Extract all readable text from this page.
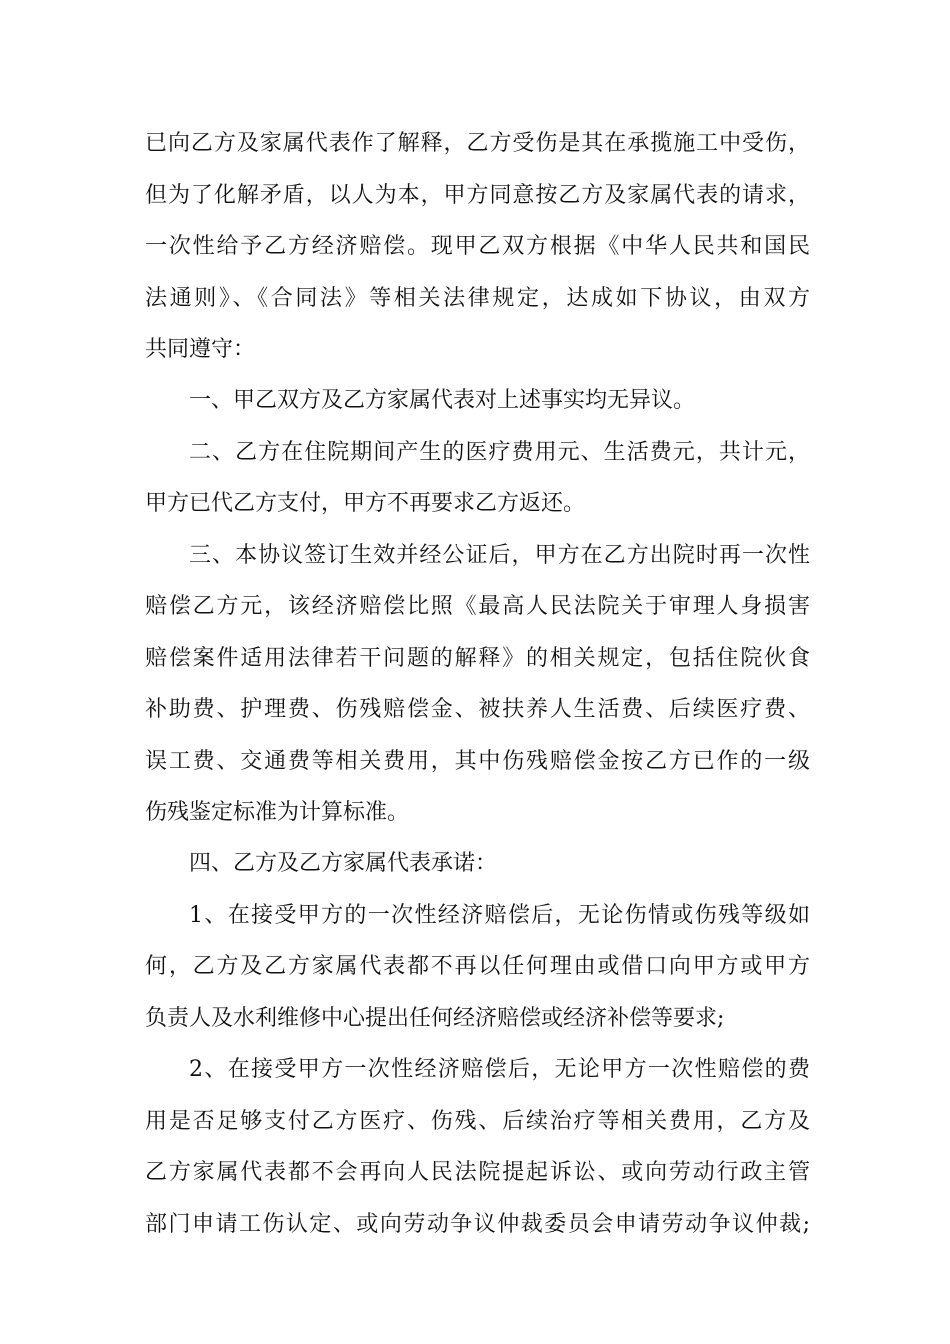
已向乙方及家属代表作了解释，乙方受伤是其在承揽施工中受伤，
但为了化解矛盾，以人为本，甲方同意按乙方及家属代表的请求，
一次性给予乙方经济赔偿。现甲乙双方根据《中华人民共和国民
法通则》、《合同法》等相关法律规定，达成如下协议，由双方
共同遵守：
一、甲乙双方及乙方家属代表对上述事实均无异议。
二、乙方在住院期间产生的医疗费用元、生活费元，共计元，
甲方已代乙方支付，甲方不再要求乙方返还。
三、本协议签订生效并经公证后，甲方在乙方出院时再一次性
赔偿乙方元，该经济赔偿比照《最高人民法院关于审理人身损害
赔偿案件适用法律若干问题的解释》的相关规定，包括住院伙食
补助费、护理费、伤残赔偿金、被扶养人生活费、后续医疗费、
误工费、交通费等相关费用，其中伤残赔偿金按乙方已作的一级
伤残鉴定标准为计算标准。
四、乙方及乙方家属代表承诺：
1、在接受甲方的一次性经济赔偿后，无论伤情或伤残等级如
何，乙方及乙方家属代表都不再以任何理由或借口向甲方或甲方
负责人及水利维修中心提出任何经济赔偿或经济补偿等要求;
2、在接受甲方一次性经济赔偿后，无论甲方一次性赔偿的费
用是否足够支付乙方医疗、伤残、后续治疗等相关费用，乙方及
乙方家属代表都不会再向人民法院提起诉讼、或向劳动行政主管
部门申请工伤认定、或向劳动争议仲裁委员会申请劳动争议仲裁;
